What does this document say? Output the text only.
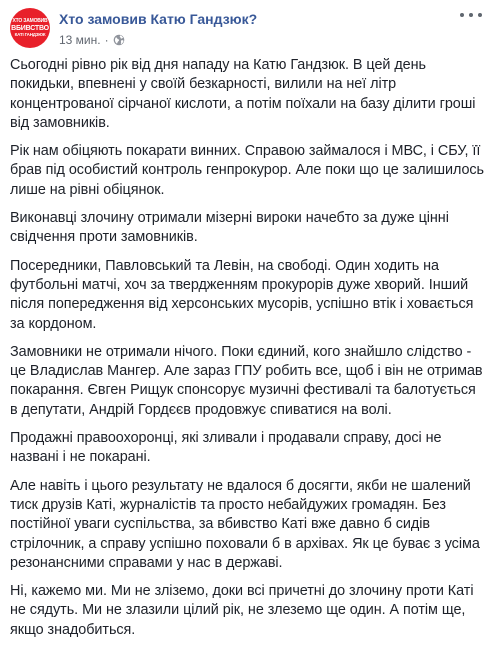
ХТО ЗАМОВИВ
ВБИВСТВО
КАТІ ГАНДЗЮК
Хто замовив Катю Гандзюк?
13 мин. ·

Сьогодні рівно рік від дня нападу на Катю Гандзюк. В цей день покидьки, впевнені у своїй безкарності, вилили на неї літр концентрованої сірчаної кислоти, а потім поїхали на базу ділити гроші від замовників.

Рік нам обіцяють покарати винних. Справою займалося і МВС, і СБУ, її брав під особистий контроль генпрокурор. Але поки що це залишилось лише на рівні обіцянок.

Виконавці злочину отримали мізерні вироки начебто за дуже цінні свідчення проти замовників.

Посередники, Павловський та Левін, на свободі. Один ходить на футбольні матчі, хоч за твердженням прокурорів дуже хворий. Інший після попередження від херсонських мусорів, успішно втік і ховається за кордоном.

Замовники не отримали нічого. Поки єдиний, кого знайшло слідство - це Владислав Мангер. Але зараз ГПУ робить все, щоб і він не отримав покарання. Євген Рищук спонсорує музичні фестивалі та балотується в депутати, Андрій Гордєєв продовжує спиватися на волі.

Продажні правоохоронці, які зливали і продавали справу, досі не названі і не покарані.

Але навіть і цього результату не вдалося б досягти, якби не шалений тиск друзів Каті, журналістів та просто небайдужих громадян. Без постійної уваги суспільства, за вбивство Каті вже давно б сидів стрілочник, а справу успішно поховали б в архівах. Як це буває з усіма резонансними справами у нас в державі.

Ні, кажемо ми. Ми не зліземо, доки всі причетні до злочину проти Каті не сядуть. Ми не злазили цілий рік, не злеземо ще один. А потім ще, якщо знадобиться.
